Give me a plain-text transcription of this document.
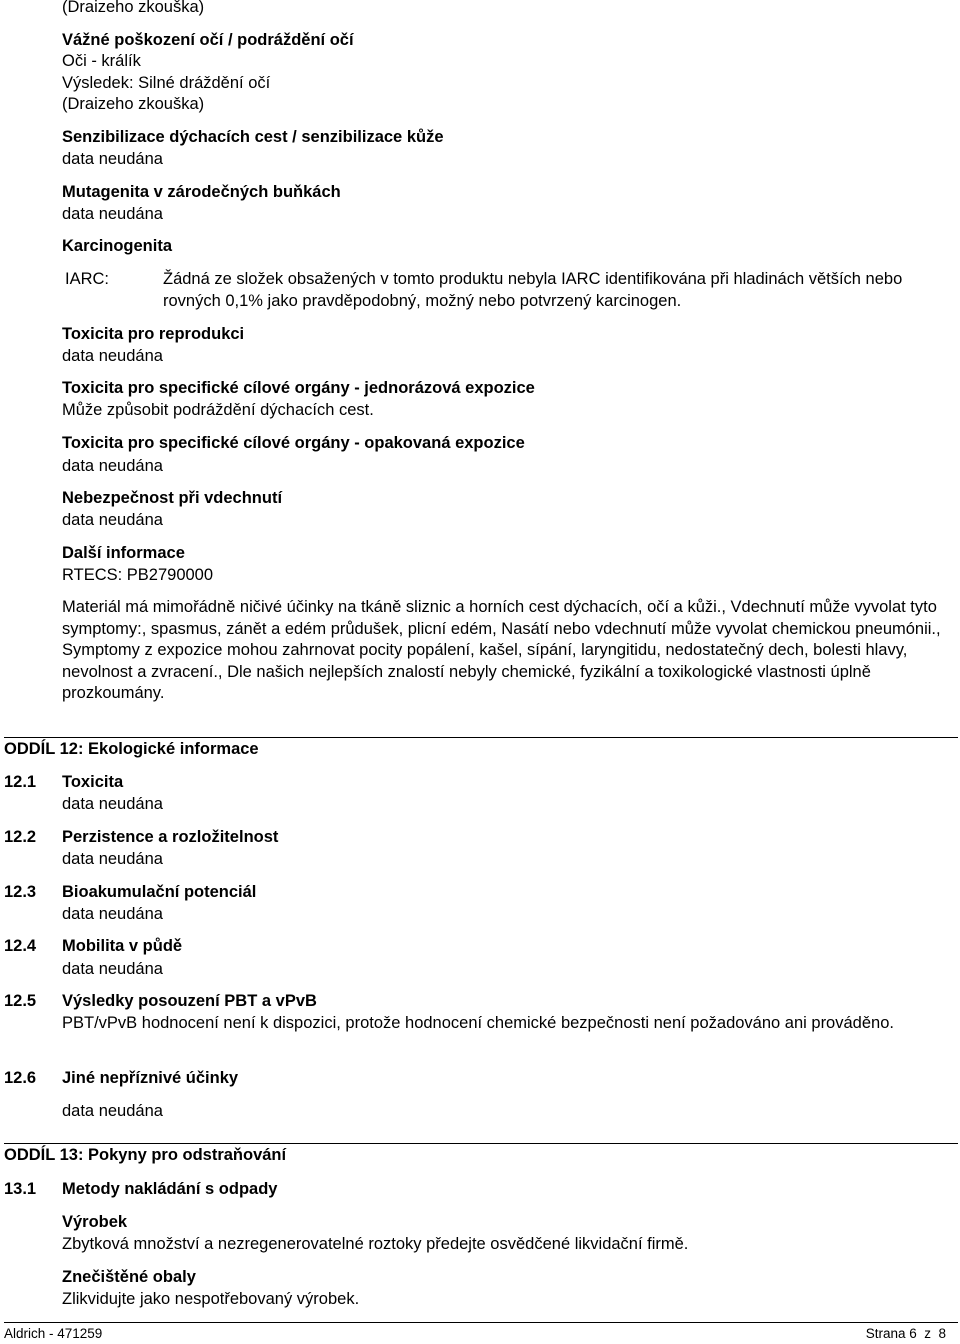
(Draizeho zkouška)
Vážné poškození očí / podráždění očí
Oči - králík
Výsledek: Silné dráždění očí
(Draizeho zkouška)
Senzibilizace dýchacích cest / senzibilizace kůže
data neudána
Mutagenita v zárodečných buňkách
data neudána
Karcinogenita
IARC:	Žádná ze složek obsažených v tomto produktu nebyla IARC identifikována při hladinách větších nebo rovných 0,1% jako pravděpodobný, možný nebo potvrzený karcinogen.
Toxicita pro reprodukci
data neudána
Toxicita pro specifické cílové orgány - jednorázová expozice
Může způsobit podráždění dýchacích cest.
Toxicita pro specifické cílové orgány - opakovaná expozice
data neudána
Nebezpečnost při vdechnutí
data neudána
Další informace
RTECS: PB2790000
Materiál má mimořádně ničivé účinky na tkáně sliznic a horních cest dýchacích, očí a kůži., Vdechnutí může vyvolat tyto symptomy:, spasmus, zánět a edém průdušek, plicní edém, Nasátí nebo vdechnutí může vyvolat chemickou pneumónii., Symptomy z expozice mohou zahrnovat pocity popálení, kašel, sípání, laryngitidu, nedostatečný dech, bolesti hlavy, nevolnost a zvracení., Dle našich nejlepších znalostí nebyly chemické, fyzikální a toxikologické vlastnosti úplně prozkoumány.
ODDÍL 12: Ekologické informace
12.1 Toxicita
data neudána
12.2 Perzistence a rozložitelnost
data neudána
12.3 Bioakumulační potenciál
data neudána
12.4 Mobilita v půdě
data neudána
12.5 Výsledky posouzení PBT a vPvB
PBT/vPvB hodnocení není k dispozici, protože hodnocení chemické bezpečnosti není požadováno ani prováděno.
12.6 Jiné nepříznivé účinky
data neudána
ODDÍL 13: Pokyny pro odstraňování
13.1 Metody nakládání s odpady
Výrobek
Zbytková množství a nezregenerovatelné roztoky předejte osvědčené likvidační firmě.
Znečištěné obaly
Zlikvidujte jako nespotřebovaný výrobek.
Aldrich - 471259	Strana 6  z  8
